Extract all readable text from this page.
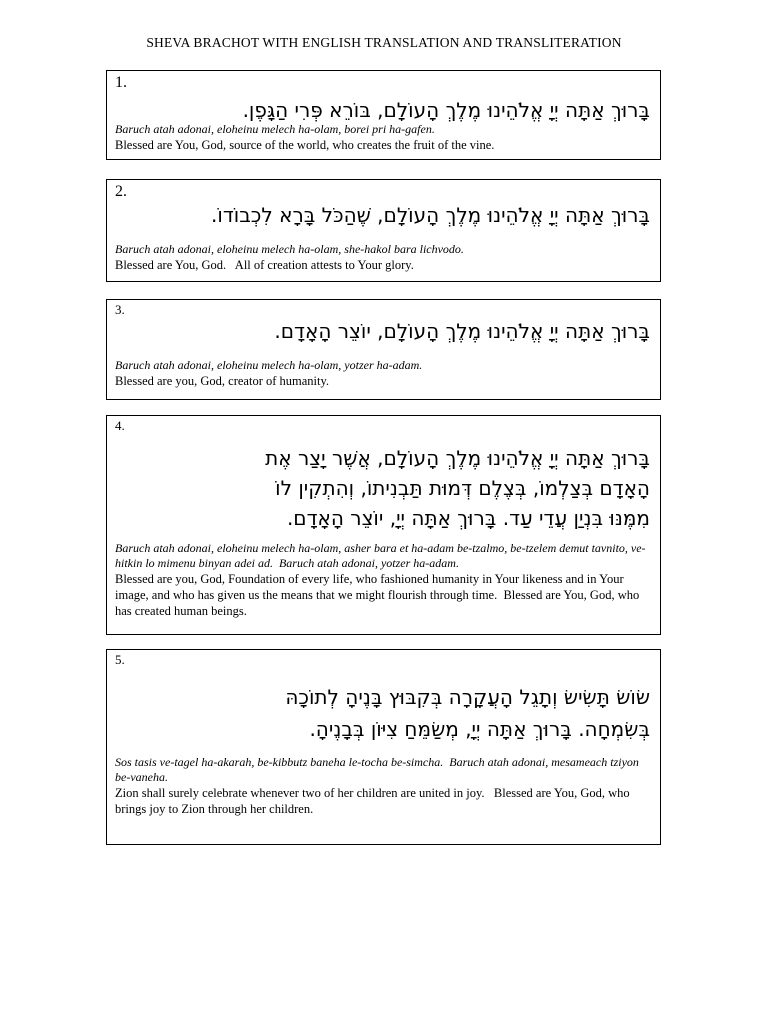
SHEVA BRACHOT WITH ENGLISH TRANSLATION AND TRANSLITERATION
1.
בָּרוּךְ אַתָּה יְיָ אֱלֹהֵינוּ מֶלֶךְ הָעוֹלָם, בּוֹרֵא פְּרִי הַגָּפֶן.
Baruch atah adonai, eloheinu melech ha-olam, borei pri ha-gafen.
Blessed are You, God, source of the world, who creates the fruit of the vine.
2.
בָּרוּךְ אַתָּה יְיָ אֱלֹהֵינוּ מֶלֶךְ הָעוֹלָם, שֶׁהַכֹּל בָּרָא לִכְבוֹדוֹ.
Baruch atah adonai, eloheinu melech ha-olam, she-hakol bara lichvodo.
Blessed are You, God.   All of creation attests to Your glory.
3.
בָּרוּךְ אַתָּה יְיָ אֱלֹהֵינוּ מֶלֶךְ הָעוֹלָם, יוֹצֵר הָאָדָם.
Baruch atah adonai, eloheinu melech ha-olam, yotzer ha-adam.
Blessed are you, God, creator of humanity.
4.
בָּרוּךְ אַתָּה יְיָ אֱלֹהֵינוּ מֶלֶךְ הָעוֹלָם, אֲשֶׁר יָצַר אֶת
הָאָדָם בְּצַלְמוֹ, בְּצֶלֶם דְּמוּת תַּבְנִיתוֹ, וְהִתְקִין לוֹ
מִמֶּנּוּ בִּנְיַן עֲדֵי עַד. בָּרוּךְ אַתָּה יְיָ, יוֹצֵר הָאָדָם.
Baruch atah adonai, eloheinu melech ha-olam, asher bara et ha-adam be-tzalmo, be-tzelem demut tavnito, ve-hitkin lo mimenu binyan adei ad.  Baruch atah adonai, yotzer ha-adam.
Blessed are you, God, Foundation of every life, who fashioned humanity in Your likeness and in Your image, and who has given us the means that we might flourish through time.  Blessed are You, God, who has created human beings.
5.
שׂוֹשׂ תָּשִׂישׂ וְתָגֵל הָעֲקָרָה בְּקִבּוּץ בָּנֶיהָ לְתוֹכָהּ
בְּשִׂמְחָה. בָּרוּךְ אַתָּה יְיָ, מְשַׂמֵּחַ צִיּוֹן בְּבָנֶיהָ.
Sos tasis ve-tagel ha-akarah, be-kibbutz baneha le-tocha be-simcha.  Baruch atah adonai, mesameach tziyon be-vaneha.
Zion shall surely celebrate whenever two of her children are united in joy.   Blessed are You, God, who brings joy to Zion through her children.
